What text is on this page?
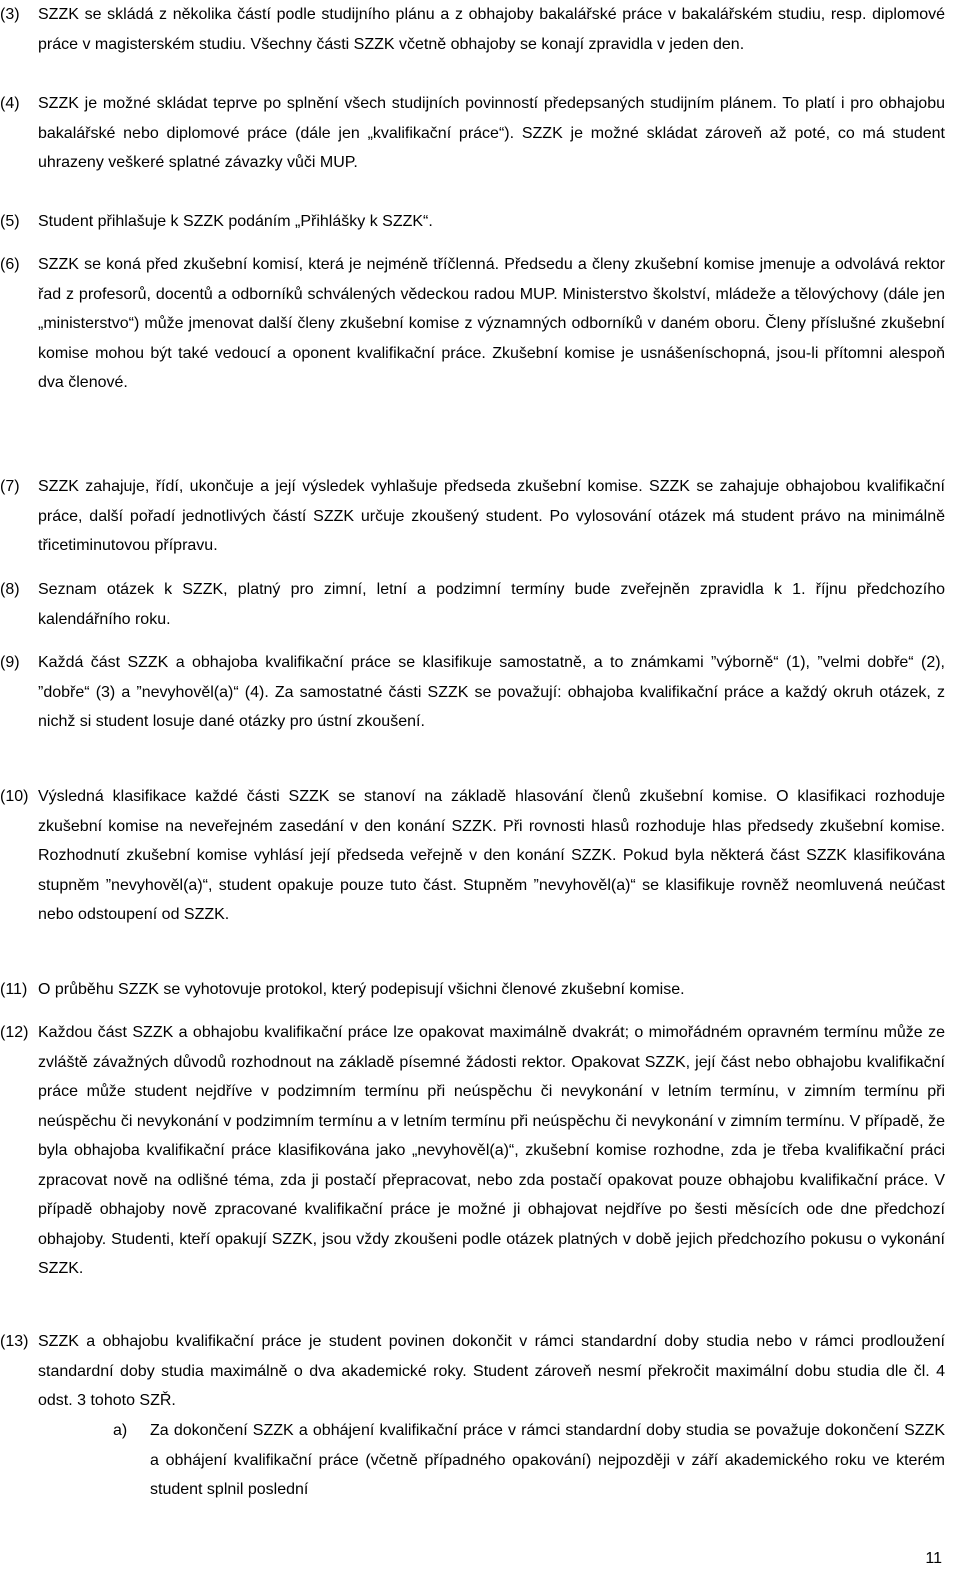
(3)	SZZK se skládá z několika částí podle studijního plánu a z obhajoby bakalářské práce v bakalářském studiu, resp. diplomové práce v magisterském studiu. Všechny části SZZK včetně obhajoby se konají zpravidla v jeden den.
(4)	SZZK je možné skládat teprve po splnění všech studijních povinností předepsaných studijním plánem. To platí i pro obhajobu bakalářské nebo diplomové práce (dále jen „kvalifikační práce“). SZZK je možné skládat zároveň až poté, co má student uhrazeny veškeré splatné závazky vůči MUP.
(5)	Student přihlašuje k SZZK podáním „Přihlášky k SZZK“.
(6)	SZZK se koná před zkušební komisí, která je nejméně tříčlenná. Předsedu a členy zkušební komise jmenuje a odvolává rektor řad z profesorů, docentů a odborníků schválených vědeckou radou MUP. Ministerstvo školství, mládeže a tělovýchovy (dále jen „ministerstvo“) může jmenovat další členy zkušební komise z významných odborníků v daném oboru. Členy příslušné zkušební komise mohou být také vedoucí a oponent kvalifikační práce. Zkušební komise je usnášeníschopná, jsou-li přítomni alespoň dva členové.
(7)	SZZK zahajuje, řídí, ukončuje a její výsledek vyhlašuje předseda zkušební komise. SZZK se zahajuje obhajobou kvalifikační práce, další pořadí jednotlivých částí SZZK určuje zkoušený student. Po vylosování otázek má student právo na minimálně třicetiminutovou přípravu.
(8)	Seznam otázek k SZZK, platný pro zimní, letní a podzimní termíny bude zveřejněn zpravidla k 1. říjnu předchozího kalendářního roku.
(9)	Každá část SZZK a obhajoba kvalifikační práce se klasifikuje samostatně, a to známkami ”výborně“ (1), ”velmi dobře“ (2), ”dobře“ (3) a ”nevyhověl(a)“ (4). Za samostatné části SZZK se považují: obhajoba kvalifikační práce a každý okruh otázek, z nichž si student losuje dané otázky pro ústní zkoušení.
(10) Výsledná klasifikace každé části SZZK se stanoví na základě hlasování členů zkušební komise. O klasifikaci rozhoduje zkušební komise na neveřejném zasedání v den konání SZZK. Při rovnosti hlasů rozhoduje hlas předsedy zkušební komise. Rozhodnutí zkušební komise vyhlásí její předseda veřejně v den konání SZZK. Pokud byla některá část SZZK klasifikována stupněm ”nevyhověl(a)“, student opakuje pouze tuto část. Stupněm ”nevyhověl(a)“ se klasifikuje rovněž neomluvená neúčast nebo odstoupení od SZZK.
(11) O průběhu SZZK se vyhotovuje protokol, který podepisují všichni členové zkušební komise.
(12) Každou část SZZK a obhajobu kvalifikační práce lze opakovat maximálně dvakrát; o mimořádném opravném termínu může ze zvláště závažných důvodů rozhodnout na základě písemné žádosti rektor. Opakovat SZZK, její část nebo obhajobu kvalifikační práce může student nejdříve v podzimním termínu při neúspěchu či nevykonání v letním termínu, v zimním termínu při neúspěchu či nevykonání v podzimním termínu a v letním termínu při neúspěchu či nevykonání v zimním termínu. V případě, že byla obhajoba kvalifikační práce klasifikována jako „nevyhověl(a)“, zkušební komise rozhodne, zda je třeba kvalifikační práci zpracovat nově na odlišné téma, zda ji postačí přepracovat, nebo zda postačí opakovat pouze obhajobu kvalifikační práce. V případě obhajoby nově zpracované kvalifikační práce je možné ji obhajovat nejdříve po šesti měsících ode dne předchozí obhajoby. Studenti, kteří opakují SZZK, jsou vždy zkoušeni podle otázek platných v době jejich předchozího pokusu o vykonání SZZK.
(13) SZZK a obhajobu kvalifikační práce je student povinen dokončit v rámci standardní doby studia nebo v rámci prodloužení standardní doby studia maximálně o dva akademické roky. Student zároveň nesmí překročit maximální dobu studia dle čl. 4 odst. 3 tohoto SZŘ.
a)	Za dokončení SZZK a obhájení kvalifikační práce v rámci standardní doby studia se považuje dokončení SZZK a obhájení kvalifikační práce (včetně případného opakování) nejpozději v září akademického roku ve kterém student splnil poslední
11
